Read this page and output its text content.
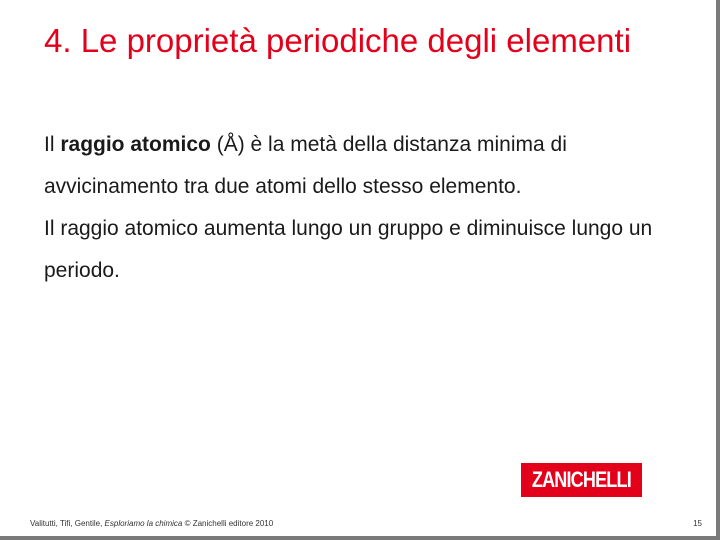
4. Le proprietà periodiche degli elementi

Il raggio atomico (Å) è la metà della distanza minima di avvicinamento tra due atomi dello stesso elemento.

Il raggio atomico aumenta lungo un gruppo e diminuisce lungo un periodo.

ZANICHELLI
Valitutti, Tifi, Gentile, Esploriamo la chimica © Zanichelli editore 2010	15
